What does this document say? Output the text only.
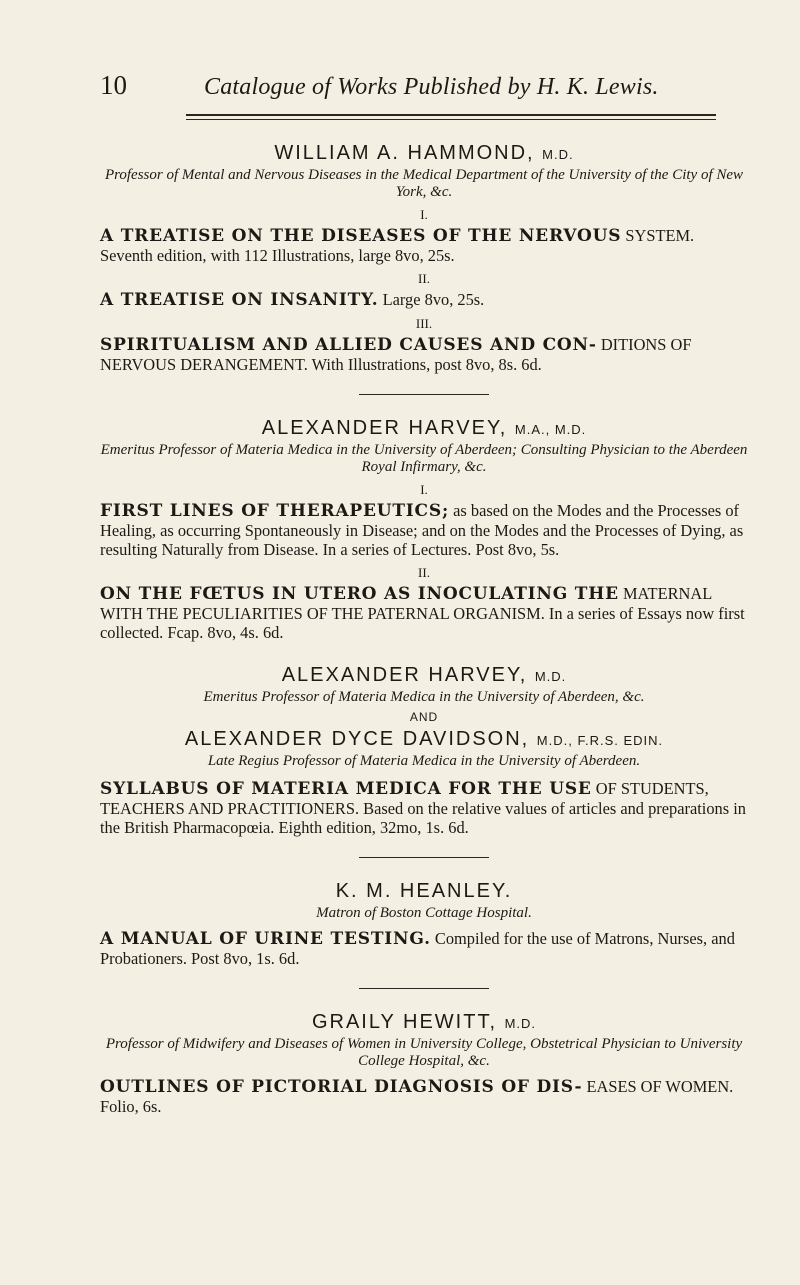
10	Catalogue of Works Published by H. K. Lewis.

WILLIAM A. HAMMOND, M.D.

Professor of Mental and Nervous Diseases in the Medical Department of the University of the City of New York, &c.

I.

A TREATISE ON THE DISEASES OF THE NERVOUS SYSTEM. Seventh edition, with 112 Illustrations, large 8vo, 25s.

II.

A TREATISE ON INSANITY. Large 8vo, 25s.

III.

SPIRITUALISM AND ALLIED CAUSES AND CON- DITIONS OF NERVOUS DERANGEMENT. With Illustrations, post 8vo, 8s. 6d.

ALEXANDER HARVEY, M.A., M.D.

Emeritus Professor of Materia Medica in the University of Aberdeen; Consulting Physician to the Aberdeen Royal Infirmary, &c.

I.

FIRST LINES OF THERAPEUTICS; as based on the Modes and the Processes of Healing, as occurring Spontaneously in Disease; and on the Modes and the Processes of Dying, as resulting Naturally from Disease. In a series of Lectures. Post 8vo, 5s.

II.

ON THE FŒTUS IN UTERO AS INOCULATING THE MATERNAL WITH THE PECULIARITIES OF THE PATERNAL ORGANISM. In a series of Essays now first collected. Fcap. 8vo, 4s. 6d.

ALEXANDER HARVEY, M.D.

Emeritus Professor of Materia Medica in the University of Aberdeen, &c.

AND

ALEXANDER DYCE DAVIDSON, M.D., F.R.S. EDIN.

Late Regius Professor of Materia Medica in the University of Aberdeen.

SYLLABUS OF MATERIA MEDICA FOR THE USE OF STUDENTS, TEACHERS AND PRACTITIONERS. Based on the relative values of articles and preparations in the British Pharmacopœia. Eighth edition, 32mo, 1s. 6d.

K. M. HEANLEY.

Matron of Boston Cottage Hospital.

A MANUAL OF URINE TESTING. Compiled for the use of Matrons, Nurses, and Probationers. Post 8vo, 1s. 6d.

GRAILY HEWITT, M.D.

Professor of Midwifery and Diseases of Women in University College, Obstetrical Physician to University College Hospital, &c.

OUTLINES OF PICTORIAL DIAGNOSIS OF DIS- EASES OF WOMEN. Folio, 6s.
